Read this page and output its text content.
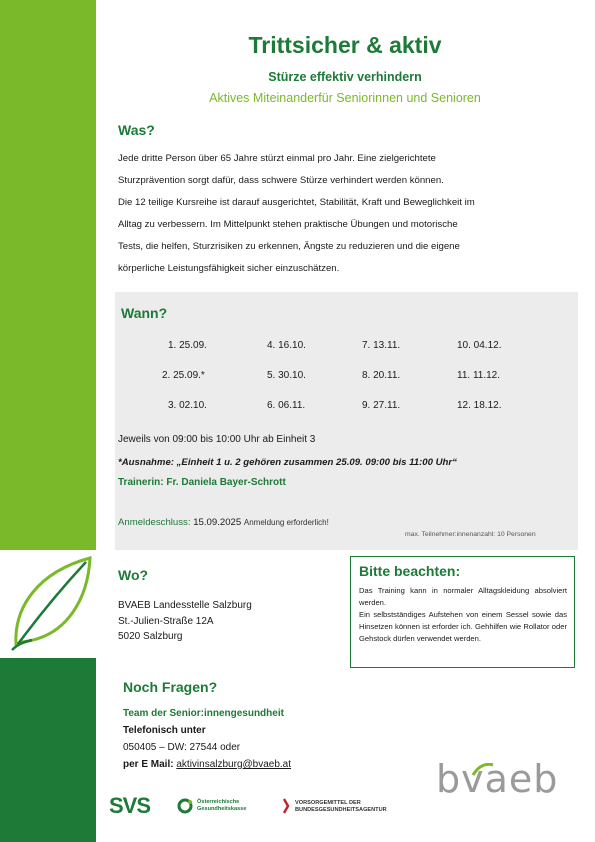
Trittsicher & aktiv
Stürze effektiv verhindern
Aktives Miteinanderfür Seniorinnen und Senioren
Was?
Jede dritte Person über 65 Jahre stürzt einmal pro Jahr. Eine zielgerichtete
Sturzprävention sorgt dafür, dass schwere Stürze verhindert werden können.
Die 12 teilige Kursreihe ist darauf ausgerichtet, Stabilität, Kraft und Beweglichkeit im
Alltag zu verbessern. Im Mittelpunkt stehen praktische Übungen und motorische
Tests, die helfen, Sturzrisiken zu erkennen, Ängste zu reduzieren und die eigene
körperliche Leistungsfähigkeit sicher einzuschätzen.
Wann?
1. 25.09.	4. 16.10.	7. 13.11.	10. 04.12.
2. 25.09.*	5. 30.10.	8. 20.11.	11. 11.12.
3. 02.10.	6. 06.11.	9. 27.11.	12. 18.12.
Jeweils von 09:00 bis 10:00 Uhr ab Einheit 3
*Ausnahme: „Einheit 1 u. 2 gehören zusammen 25.09. 09:00 bis 11:00 Uhr“
Trainerin: Fr. Daniela Bayer-Schrott
Anmeldeschluss: 15.09.2025 Anmeldung erforderlich!
max. Teilnehmer:innenanzahl: 10 Personen
Wo?
BVAEB Landesstelle Salzburg
St.-Julien-Straße 12A
5020 Salzburg
Bitte beachten:
Das Training kann in normaler Alltagskleidung absolviert werden.
Ein selbstständiges Aufstehen von einem Sessel sowie das Hinsetzen können ist erforder ich. Gehhilfen wie Rollator oder Gehstock dürfen verwendet werden.
Noch Fragen?
Team der Senior:innengesundheit
Telefonisch unter
050405 – DW: 27544 oder
per E Mail: aktivinsalzburg@bvaeb.at	bvaeb
SVS	Österreichische
Gesundheitskasse
VORSORGEMITTEL DER
BUNDESGESUNDHEITSAGENTUR
